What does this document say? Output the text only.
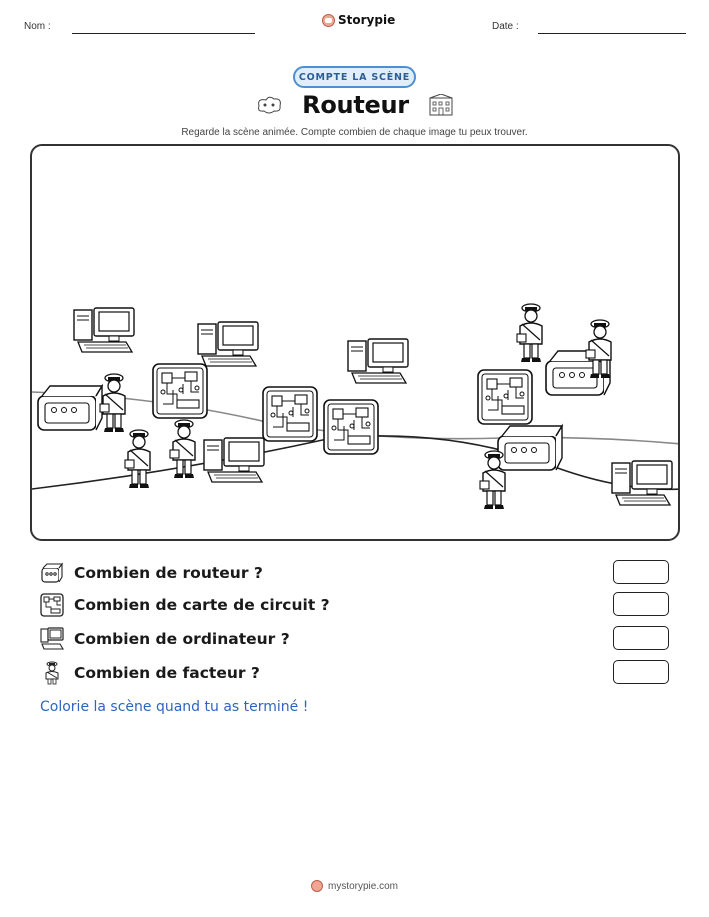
Nom :	Storypie	Date :
COMPTE LA SCÈNE
Routeur
Regarde la scène animée. Compte combien de chaque image tu peux trouver.
Combien de routeur ?
Combien de carte de circuit ?
Combien de ordinateur ?
Combien de facteur ?
Colorie la scène quand tu as terminé !
mystorypie.com
